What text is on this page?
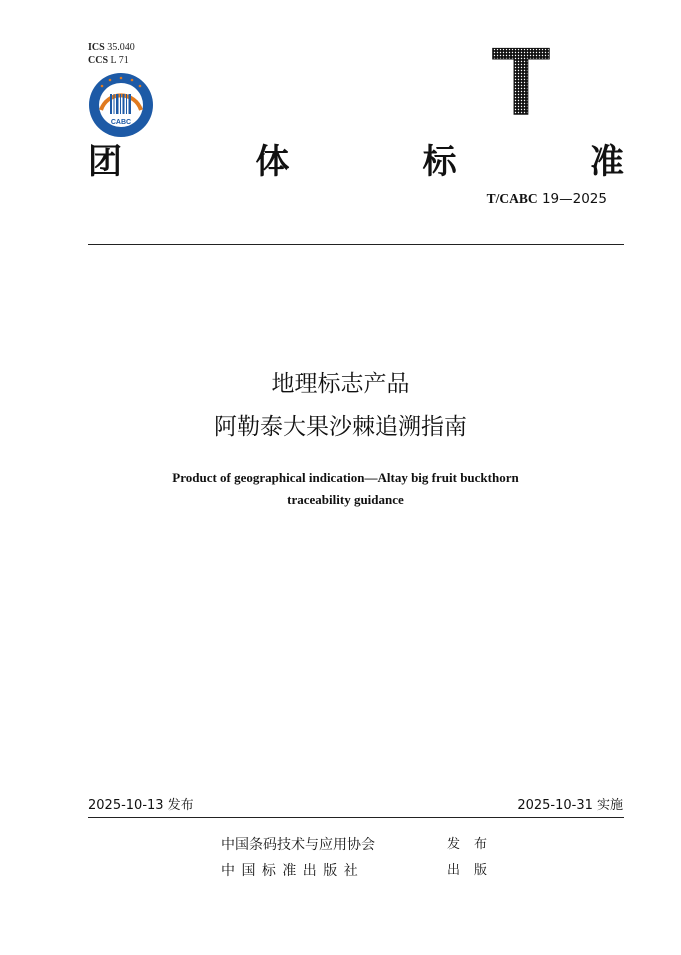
ICS 35.040
CCS L 71
CABC	T
团	体	标	准
T/CABC 19—2025
地理标志产品
阿勒泰大果沙棘追溯指南
Product of geographical indication—Altay big fruit buckthorn
traceability guidance
2025-10-13 发布	2025-10-31 实施
中国条码技术与应用协会	发布
中 国 标 准 出 版 社	出版
